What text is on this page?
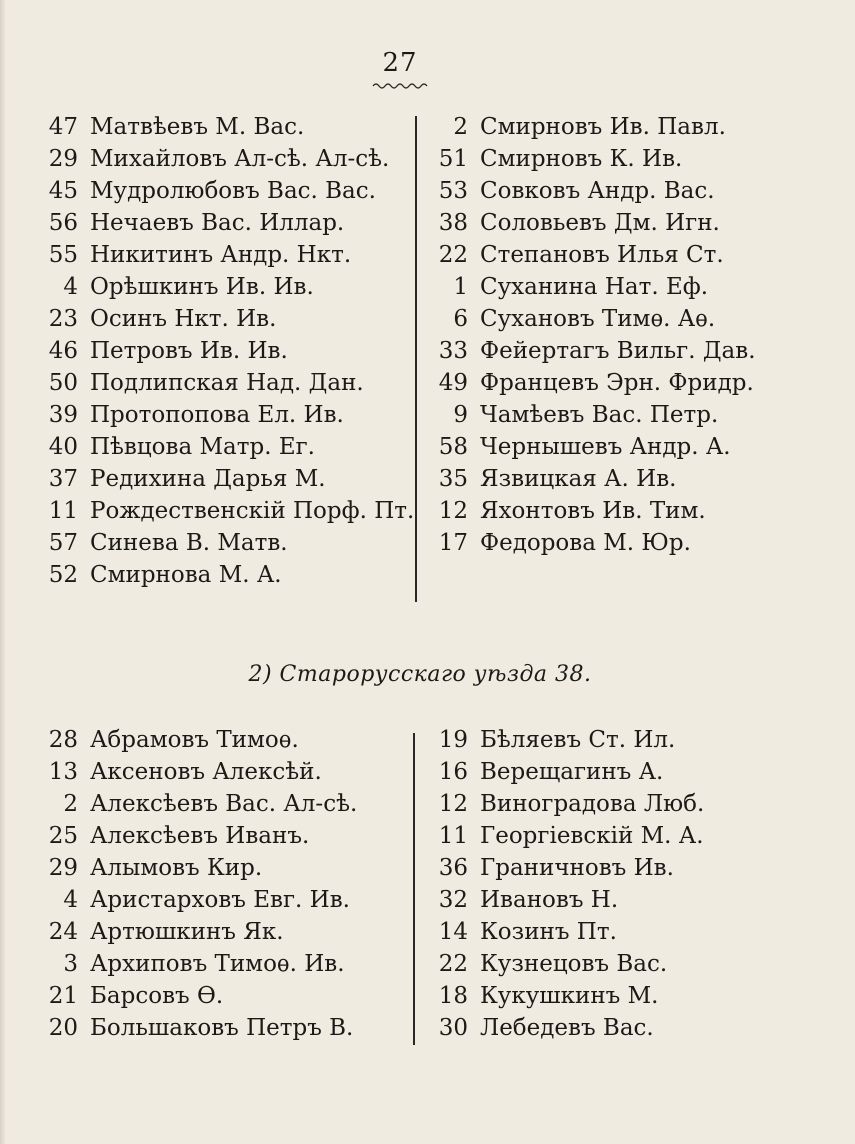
27
47 Матвѣевъ М. Вас.
29 Михайловъ Ал-сѣ. Ал-сѣ.
45 Мудролюбовъ Вас. Вас.
56 Нечаевъ Вас. Иллар.
55 Никитинъ Андр. Нкт.
4 Орѣшкинъ Ив. Ив.
23 Осинъ Нкт. Ив.
46 Петровъ Ив. Ив.
50 Подлипская Над. Дан.
39 Протопопова Ел. Ив.
40 Пѣвцова Матр. Ег.
37 Редихина Дарья М.
11 Рождественскій Порф. Пт.
57 Синева В. Матв.
52 Смирнова М. А.
2 Смирновъ Ив. Павл.
51 Смирновъ К. Ив.
53 Совковъ Андр. Вас.
38 Соловьевъ Дм. Игн.
22 Степановъ Илья Ст.
1 Суханина Нат. Еф.
6 Сухановъ Тимѳ. Аѳ.
33 Фейертагъ Вильг. Дав.
49 Францевъ Эрн. Фридр.
9 Чамѣевъ Вас. Петр.
58 Чернышевъ Андр. А.
35 Язвицкая А. Ив.
12 Яхонтовъ Ив. Тим.
17 Федорова М. Юр.
2) Старорусскаго уѣзда 38.
28 Абрамовъ Тимоѳ.
13 Аксеновъ Алексѣй.
2 Алексѣевъ Вас. Ал-сѣ.
25 Алексѣевъ Иванъ.
29 Алымовъ Кир.
4 Аристарховъ Евг. Ив.
24 Артюшкинъ Як.
3 Архиповъ Тимоѳ. Ив.
21 Барсовъ Ѳ.
20 Большаковъ Петръ В.
19 Бѣляевъ Ст. Ил.
16 Верещагинъ А.
12 Виноградова Люб.
11 Георгіевскій М. А.
36 Граничновъ Ив.
32 Ивановъ Н.
14 Козинъ Пт.
22 Кузнецовъ Вас.
18 Кукушкинъ М.
30 Лебедевъ Вас.
